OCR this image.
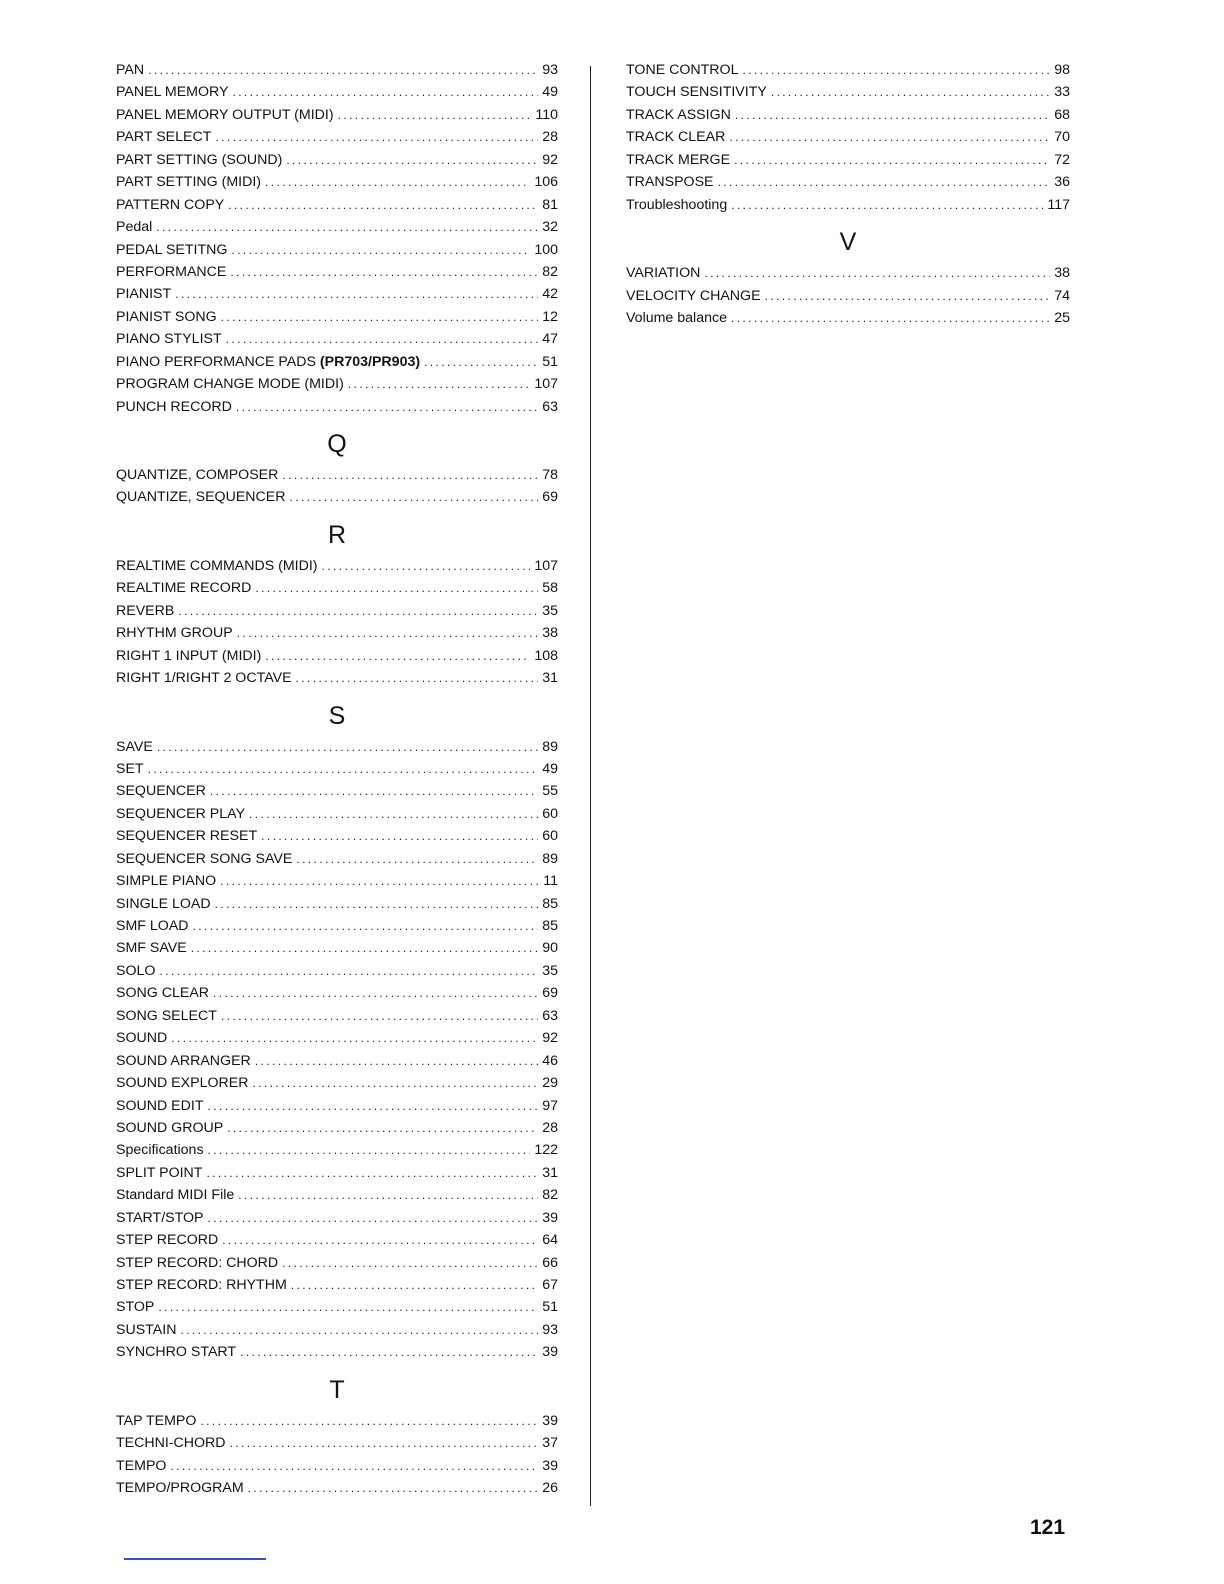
PAN .....	93
PANEL MEMORY .....	49
PANEL MEMORY OUTPUT (MIDI) .....	110
PART SELECT .....	28
PART SETTING (SOUND) .....	92
PART SETTING (MIDI) .....	106
PATTERN COPY .....	81
Pedal .....	32
PEDAL SETITNG .....	100
PERFORMANCE .....	82
PIANIST .....	42
PIANIST SONG .....	12
PIANO STYLIST .....	47
PIANO PERFORMANCE PADS (PR703/PR903) .....	51
PROGRAM CHANGE MODE (MIDI) .....	107
PUNCH RECORD .....	63
Q
QUANTIZE, COMPOSER .....	78
QUANTIZE, SEQUENCER .....	69
R
REALTIME COMMANDS (MIDI) .....	107
REALTIME RECORD .....	58
REVERB .....	35
RHYTHM GROUP .....	38
RIGHT 1 INPUT (MIDI) .....	108
RIGHT 1/RIGHT 2 OCTAVE .....	31
S
SAVE .....	89
SET .....	49
SEQUENCER .....	55
SEQUENCER PLAY .....	60
SEQUENCER RESET .....	60
SEQUENCER SONG SAVE .....	89
SIMPLE PIANO .....	11
SINGLE LOAD .....	85
SMF LOAD .....	85
SMF SAVE .....	90
SOLO .....	35
SONG CLEAR .....	69
SONG SELECT .....	63
SOUND .....	92
SOUND ARRANGER .....	46
SOUND EXPLORER .....	29
SOUND EDIT .....	97
SOUND GROUP .....	28
Specifications .....	122
SPLIT POINT .....	31
Standard MIDI File .....	82
START/STOP .....	39
STEP RECORD .....	64
STEP RECORD: CHORD .....	66
STEP RECORD: RHYTHM .....	67
STOP .....	51
SUSTAIN .....	93
SYNCHRO START .....	39
T
TAP TEMPO .....	39
TECHNI-CHORD .....	37
TEMPO .....	39
TEMPO/PROGRAM .....	26
TONE CONTROL .....	98
TOUCH SENSITIVITY .....	33
TRACK ASSIGN .....	68
TRACK CLEAR .....	70
TRACK MERGE .....	72
TRANSPOSE .....	36
Troubleshooting .....	117
V
VARIATION .....	38
VELOCITY CHANGE .....	74
Volume balance .....	25
121
